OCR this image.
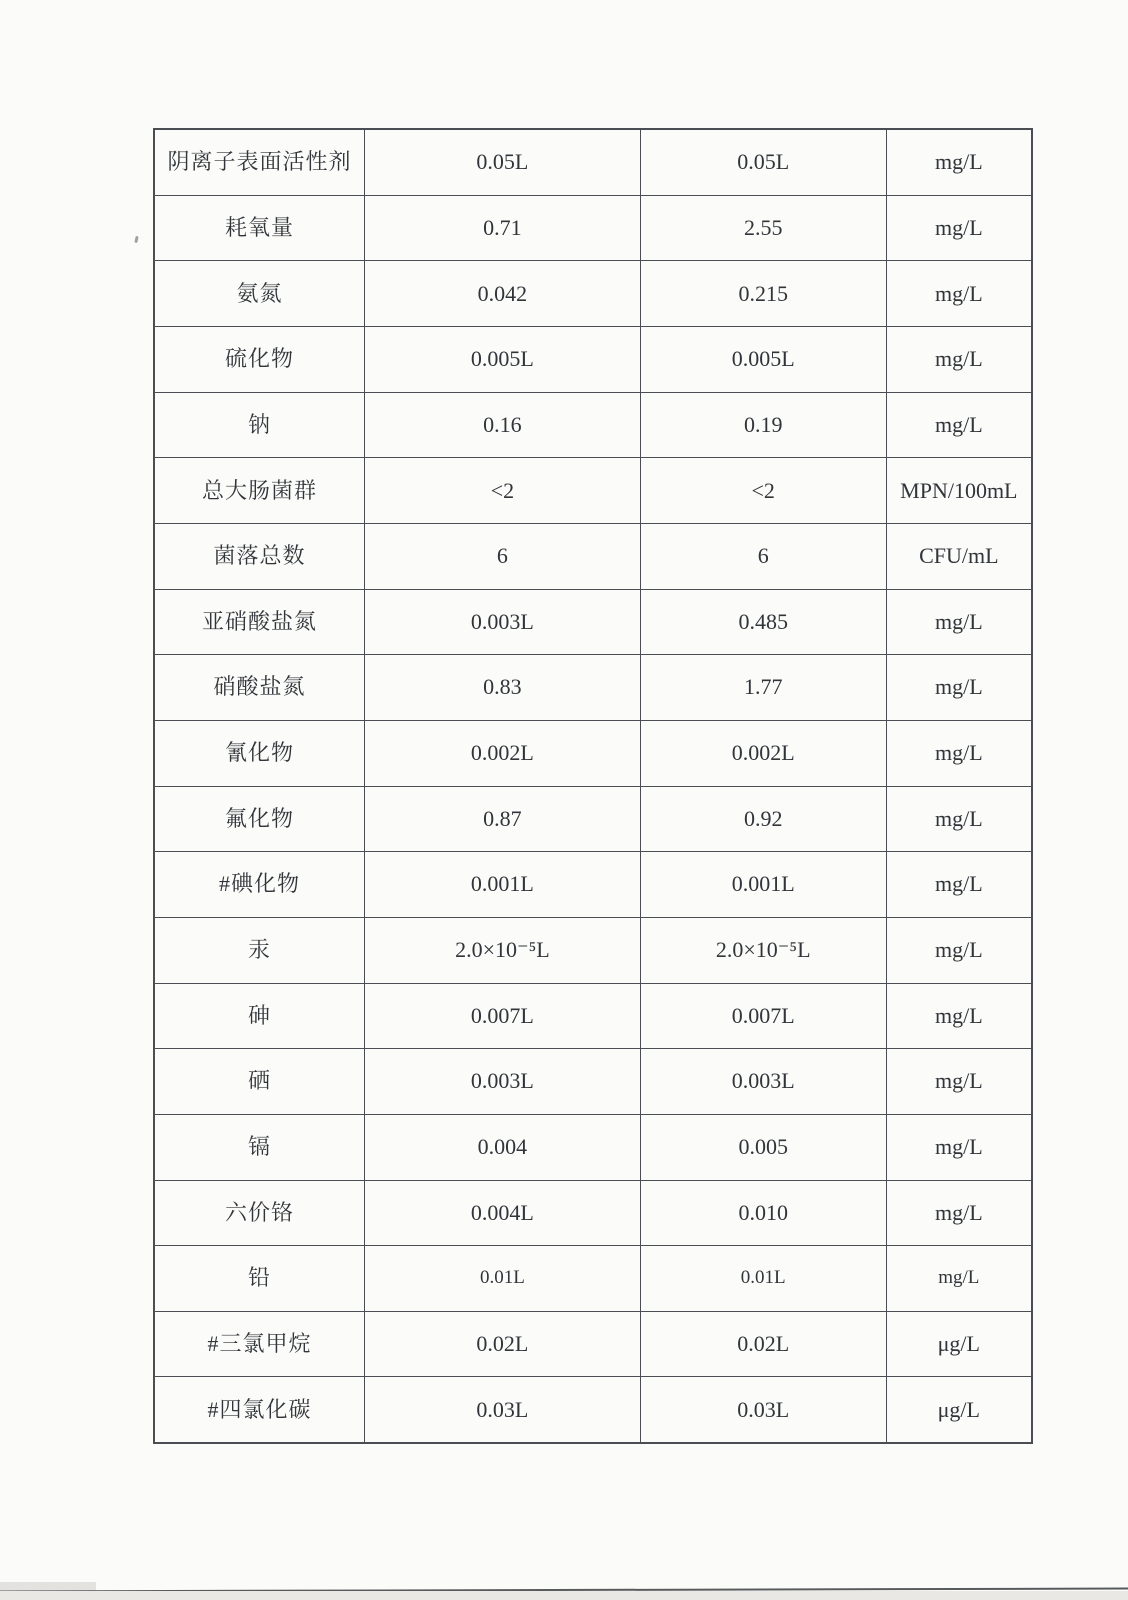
阴离子表面活性剂	0.05L	0.05L	mg/L
耗氧量	0.71	2.55	mg/L
氨氮	0.042	0.215	mg/L
硫化物	0.005L	0.005L	mg/L
钠	0.16	0.19	mg/L
总大肠菌群	<2	<2	MPN/100mL
菌落总数	6	6	CFU/mL
亚硝酸盐氮	0.003L	0.485	mg/L
硝酸盐氮	0.83	1.77	mg/L
氰化物	0.002L	0.002L	mg/L
氟化物	0.87	0.92	mg/L
#碘化物	0.001L	0.001L	mg/L
汞	2.0×10⁻⁵L	2.0×10⁻⁵L	mg/L
砷	0.007L	0.007L	mg/L
硒	0.003L	0.003L	mg/L
镉	0.004	0.005	mg/L
六价铬	0.004L	0.010	mg/L
铅	0.01L	0.01L	mg/L
#三氯甲烷	0.02L	0.02L	μg/L
#四氯化碳	0.03L	0.03L	μg/L
